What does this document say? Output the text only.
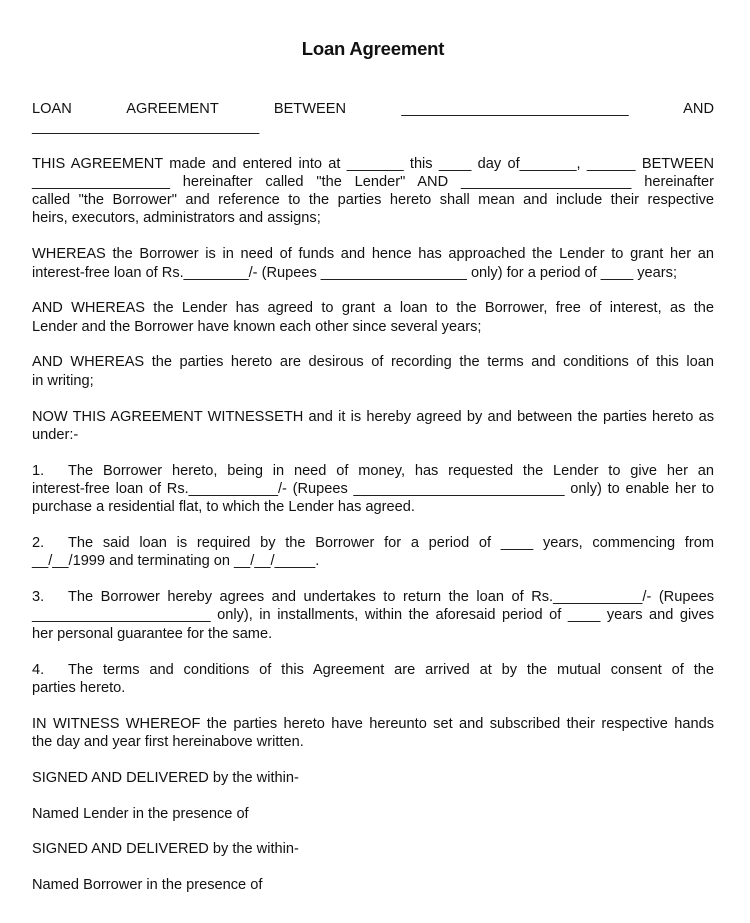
Loan Agreement
LOAN AGREEMENT BETWEEN ____________________________ AND ____________________________
THIS AGREEMENT made and entered into at _______ this ____ day of_______, ______ BETWEEN
_________________ hereinafter called "the Lender" AND _____________________ hereinafter
called "the Borrower" and reference to the parties hereto shall mean and include their respective
heirs, executors, administrators and assigns;
WHEREAS the Borrower is in need of funds and hence has approached the Lender to grant her an
interest-free loan of Rs.________/- (Rupees __________________ only) for a period of ____ years;
AND WHEREAS the Lender has agreed to grant a loan to the Borrower, free of interest, as the
Lender and the Borrower have known each other since several years;
AND WHEREAS the parties hereto are desirous of recording the terms and conditions of this loan
in writing;
NOW THIS AGREEMENT WITNESSETH and it is hereby agreed by and between the parties hereto as
under:-
1. The Borrower hereto, being in need of money, has requested the Lender to give her an
interest-free loan of Rs.___________/- (Rupees __________________________ only) to enable her to
purchase a residential flat, to which the Lender has agreed.
2. The said loan is required by the Borrower for a period of ____ years, commencing from
__/__/1999 and terminating on __/__/_____.
3. The Borrower hereby agrees and undertakes to return the loan of Rs.___________/- (Rupees
______________________ only), in installments, within the aforesaid period of ____ years and gives
her personal guarantee for the same.
4. The terms and conditions of this Agreement are arrived at by the mutual consent of the
parties hereto.
IN WITNESS WHEREOF the parties hereto have hereunto set and subscribed their respective hands
the day and year first hereinabove written.
SIGNED AND DELIVERED by the within-
Named Lender in the presence of
SIGNED AND DELIVERED by the within-
Named Borrower in the presence of
